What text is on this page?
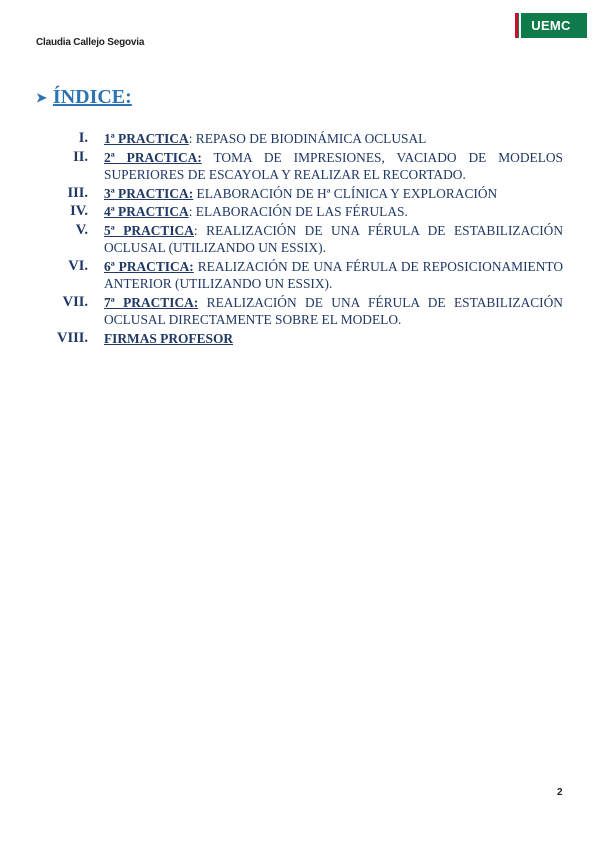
Claudia Callejo Segovia
UEMC
➤ ÍNDICE:
I.	1ª PRACTICA: REPASO DE BIODINÁMICA OCLUSAL
II.	2ª PRACTICA: TOMA DE IMPRESIONES, VACIADO DE MODELOS SUPERIORES DE ESCAYOLA Y REALIZAR EL RECORTADO.
III.	3ª PRACTICA: ELABORACIÓN DE Hª CLÍNICA Y EXPLORACIÓN
IV.	4ª PRACTICA: ELABORACIÓN DE LAS FÉRULAS.
V.	5ª PRACTICA: REALIZACIÓN DE UNA FÉRULA DE ESTABILIZACIÓN OCLUSAL (UTILIZANDO UN ESSIX).
VI.	6ª PRACTICA: REALIZACIÓN DE UNA FÉRULA DE REPOSICIONAMIENTO ANTERIOR (UTILIZANDO UN ESSIX).
VII.	7ª PRACTICA: REALIZACIÓN DE UNA FÉRULA DE ESTABILIZACIÓN OCLUSAL DIRECTAMENTE SOBRE EL MODELO.
VIII.	FIRMAS PROFESOR
2
